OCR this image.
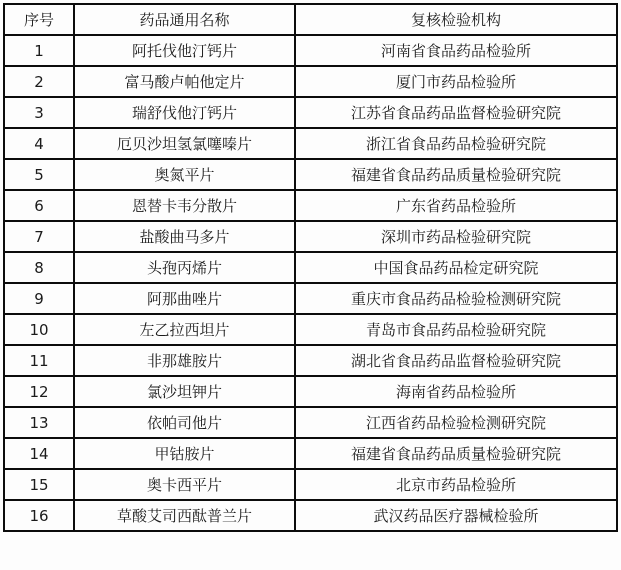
序号	药品通用名称	复核检验机构
1	阿托伐他汀钙片	河南省食品药品检验所
2	富马酸卢帕他定片	厦门市药品检验所
3	瑞舒伐他汀钙片	江苏省食品药品监督检验研究院
4	厄贝沙坦氢氯噻嗪片	浙江省食品药品检验研究院
5	奥氮平片	福建省食品药品质量检验研究院
6	恩替卡韦分散片	广东省药品检验所
7	盐酸曲马多片	深圳市药品检验研究院
8	头孢丙烯片	中国食品药品检定研究院
9	阿那曲唑片	重庆市食品药品检验检测研究院
10	左乙拉西坦片	青岛市食品药品检验研究院
11	非那雄胺片	湖北省食品药品监督检验研究院
12	氯沙坦钾片	海南省药品检验所
13	依帕司他片	江西省药品检验检测研究院
14	甲钴胺片	福建省食品药品质量检验研究院
15	奥卡西平片	北京市药品检验所
16	草酸艾司西酞普兰片	武汉药品医疗器械检验所
